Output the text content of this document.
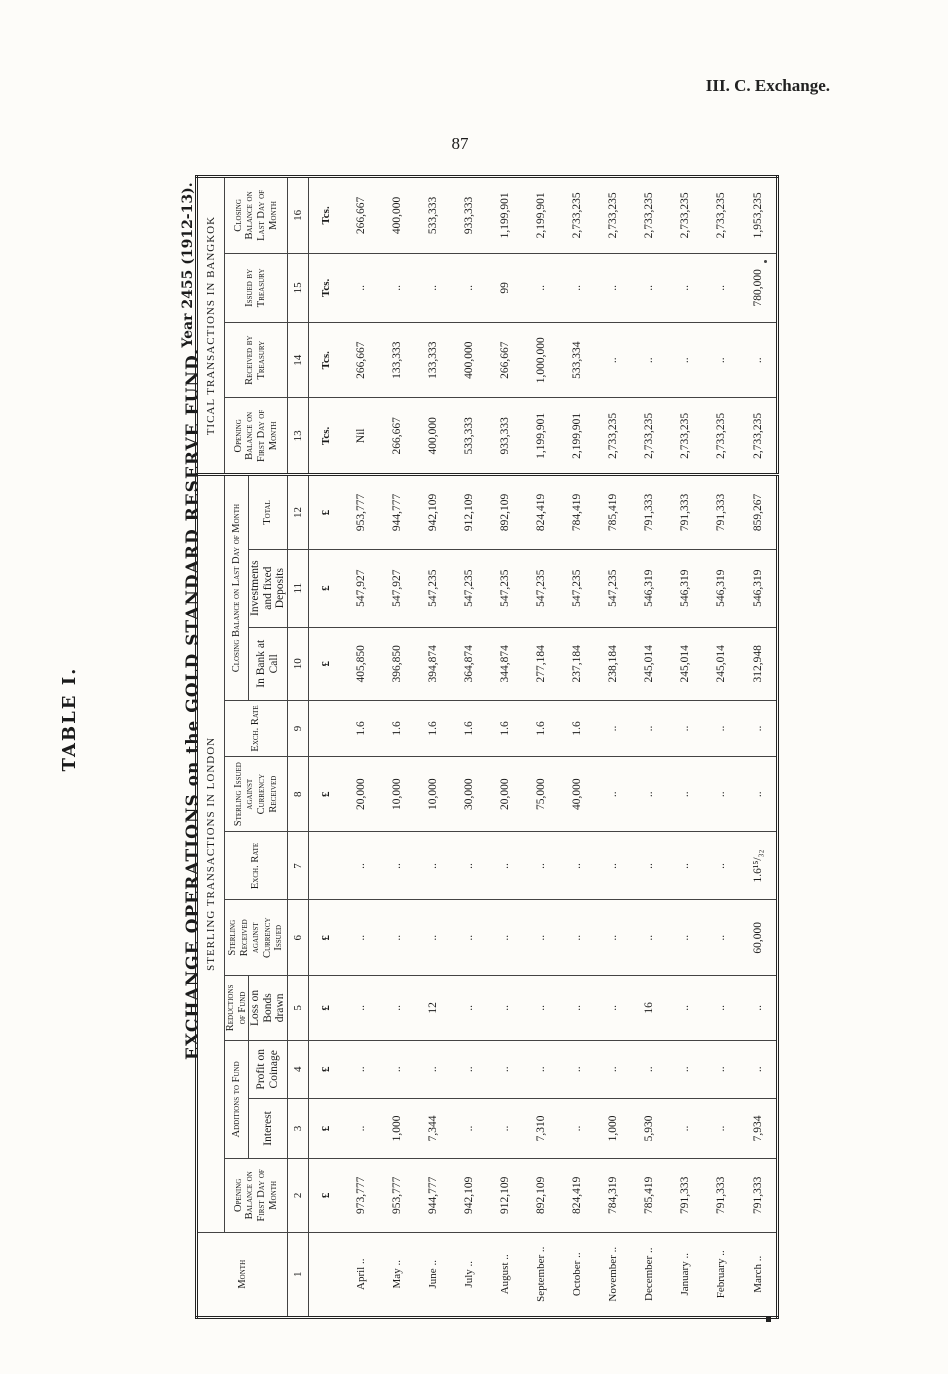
III. C. Exchange.
87
TABLE I.	EXCHANGE OPERATIONS on the GOLD STANDARD RESERVE FUND.
Year 2455 (1912-13).
Month	STERLING TRANSACTIONS IN LONDON											TICAL TRANSACTIONS IN BANGKOK			
	Opening Balance on First Day of Month	Additions to Fund		Reductions of Fund	Sterling Received against Currency Issued	Exch. Rate	Sterling Issued against Currency Received	Exch. Rate	Closing Balance on Last Day of Month			Opening Balance on First Day of Month	Received by Treasury	Issued by Treasury	Closing Balance on Last Day of Month
		Interest	Profit on Coinage	Loss on Bonds drawn					In Bank at Call	Investments and fixed Deposits	Total				
1	2	3	4	5	6	7	8	9	10	11	12	13	14	15	16
	£	£	£	£	£		£		£	£	£	Tcs.	Tcs.	Tcs.	Tcs.
April ..	973,777	..	..	..	..	..	20,000	1.6	405,850	547,927	953,777	Nil	266,667	..	266,667
May ..	953,777	1,000	..	..	..	..	10,000	1.6	396,850	547,927	944,777	266,667	133,333	..	400,000
June ..	944,777	7,344	..	12	..	..	10,000	1.6	394,874	547,235	942,109	400,000	133,333	..	533,333
July ..	942,109	..	..	..	..	..	30,000	1.6	364,874	547,235	912,109	533,333	400,000	..	933,333
August ..	912,109	..	..	..	..	..	20,000	1.6	344,874	547,235	892,109	933,333	266,667	99	1,199,901
September ..	892,109	7,310	..	..	..	..	75,000	1.6	277,184	547,235	824,419	1,199,901	1,000,000	..	2,199,901
October ..	824,419	..	..	..	..	..	40,000	1.6	237,184	547,235	784,419	2,199,901	533,334	..	2,733,235
November ..	784,319	1,000	..	..	..	..	..	..	238,184	547,235	785,419	2,733,235	..	..	2,733,235
December ..	785,419	5,930	..	16	..	..	..	..	245,014	546,319	791,333	2,733,235	..	..	2,733,235
January ..	791,333	..	..	..	..	..	..	..	245,014	546,319	791,333	2,733,235	..	..	2,733,235
February ..	791,333	..	..	..	..	..	..	..	245,014	546,319	791,333	2,733,235	..	..	2,733,235
March ..	791,333	7,934	..	..	60,000	1.6¹⁵/₃₂	..	..	312,948	546,319	859,267	2,733,235	..	780,000	1,953,235
